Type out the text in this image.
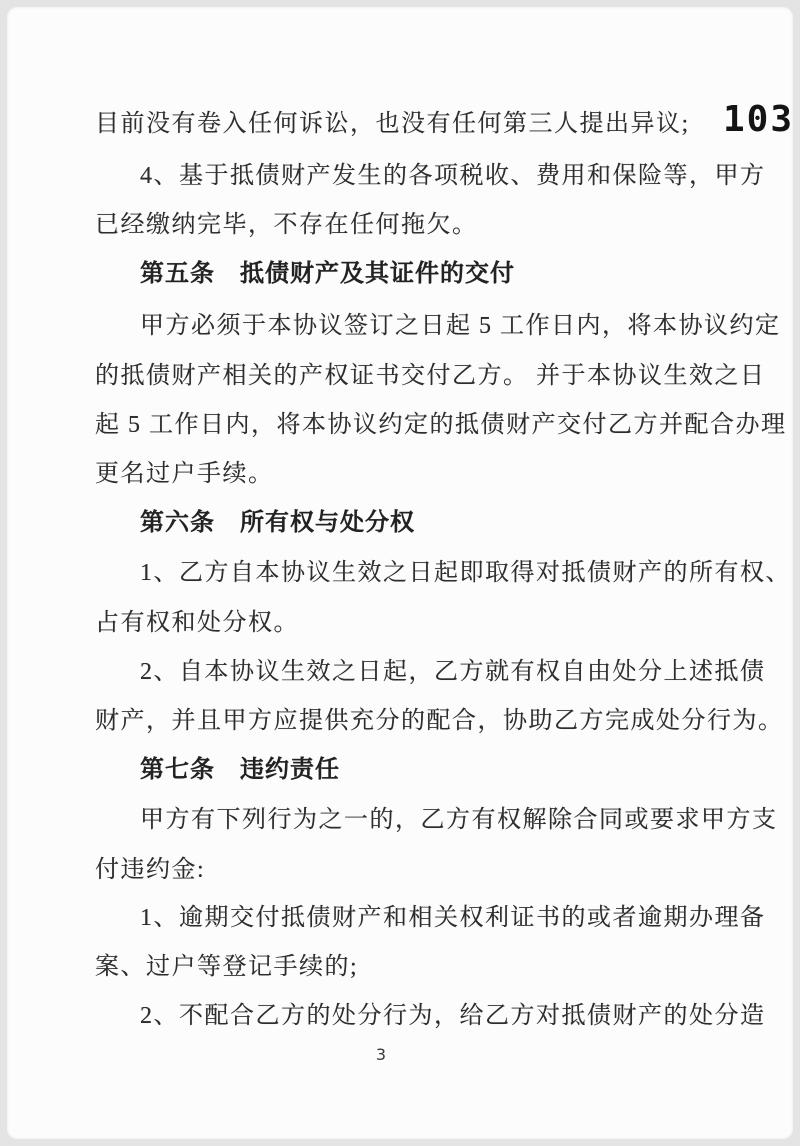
103
目前没有卷入任何诉讼，也没有任何第三人提出异议;
4、基于抵债财产发生的各项税收、费用和保险等，甲方
已经缴纳完毕，不存在任何拖欠。
第五条　抵债财产及其证件的交付
甲方必须于本协议签订之日起 5 工作日内，将本协议约定
的抵债财产相关的产权证书交付乙方。 并于本协议生效之日
起 5 工作日内，将本协议约定的抵债财产交付乙方并配合办理
更名过户手续。
第六条　所有权与处分权
1、乙方自本协议生效之日起即取得对抵债财产的所有权、
占有权和处分权。
2、自本协议生效之日起，乙方就有权自由处分上述抵债
财产，并且甲方应提供充分的配合，协助乙方完成处分行为。
第七条　违约责任
甲方有下列行为之一的，乙方有权解除合同或要求甲方支
付违约金:
1、逾期交付抵债财产和相关权利证书的或者逾期办理备
案、过户等登记手续的;
2、不配合乙方的处分行为，给乙方对抵债财产的处分造
3
